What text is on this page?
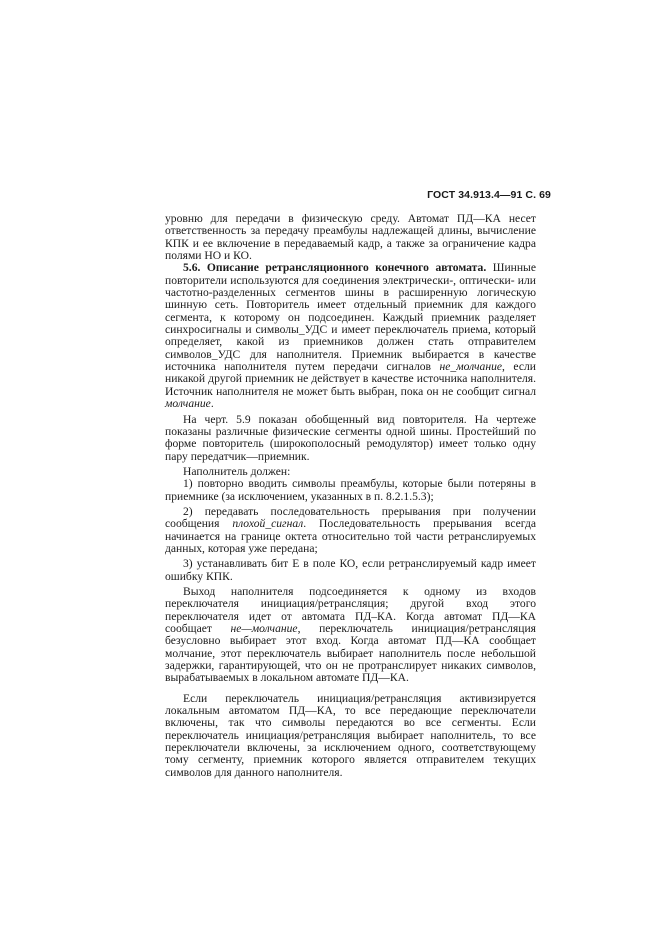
ГОСТ 34.913.4—91 С. 69

уровню для передачи в физическую среду. Автомат ПД—КА несет ответственность за передачу преамбулы надлежащей длины, вычисление КПК и ее включение в передаваемый кадр, а также за ограничение кадра полями НО и КО.

5.6. Описание ретрансляционного конечного автомата. Шинные повторители используются для соединения электрически-, оптически- или частотно-разделенных сегментов шины в расширенную логическую шинную сеть. Повторитель имеет отдельный приемник для каждого сегмента, к которому он подсоединен. Каждый приемник разделяет синхросигналы и символы_УДС и имеет переключатель приема, который определяет, какой из приемников должен стать отправителем символов_УДС для наполнителя. Приемник выбирается в качестве источника наполнителя путем передачи сигналов не_молчание, если никакой другой приемник не действует в качестве источника наполнителя. Источник наполнителя не может быть выбран, пока он не сообщит сигнал молчание.

На черт. 5.9 показан обобщенный вид повторителя. На чертеже показаны различные физические сегменты одной шины. Простейший по форме повторитель (широкополосный ремодулятор) имеет только одну пару передатчик—приемник.

Наполнитель должен:

1) повторно вводить символы преамбулы, которые были потеряны в приемнике (за исключением, указанных в п. 8.2.1.5.3);

2) передавать последовательность прерывания при получении сообщения плохой_сигнал. Последовательность прерывания всегда начинается на границе октета относительно той части ретранслируемых данных, которая уже передана;

3) устанавливать бит Е в поле КО, если ретранслируемый кадр имеет ошибку КПК.

Выход наполнителя подсоединяется к одному из входов переключателя инициация/ретрансляция; другой вход этого переключателя идет от автомата ПД–КА. Когда автомат ПД—КА сообщает не—молчание, переключатель инициация/ретрансляция безусловно выбирает этот вход. Когда автомат ПД—КА сообщает молчание, этот переключатель выбирает наполнитель после небольшой задержки, гарантирующей, что он не протранслирует никаких символов, вырабатываемых в локальном автомате ПД—КА.

Если переключатель инициация/ретрансляция активизируется локальным автоматом ПД—КА, то все передающие переключатели включены, так что символы передаются во все сегменты. Если переключатель инициация/ретрансляция выбирает наполнитель, то все переключатели включены, за исключением одного, соответствующему тому сегменту, приемник которого является отправителем текущих символов для данного наполнителя.
